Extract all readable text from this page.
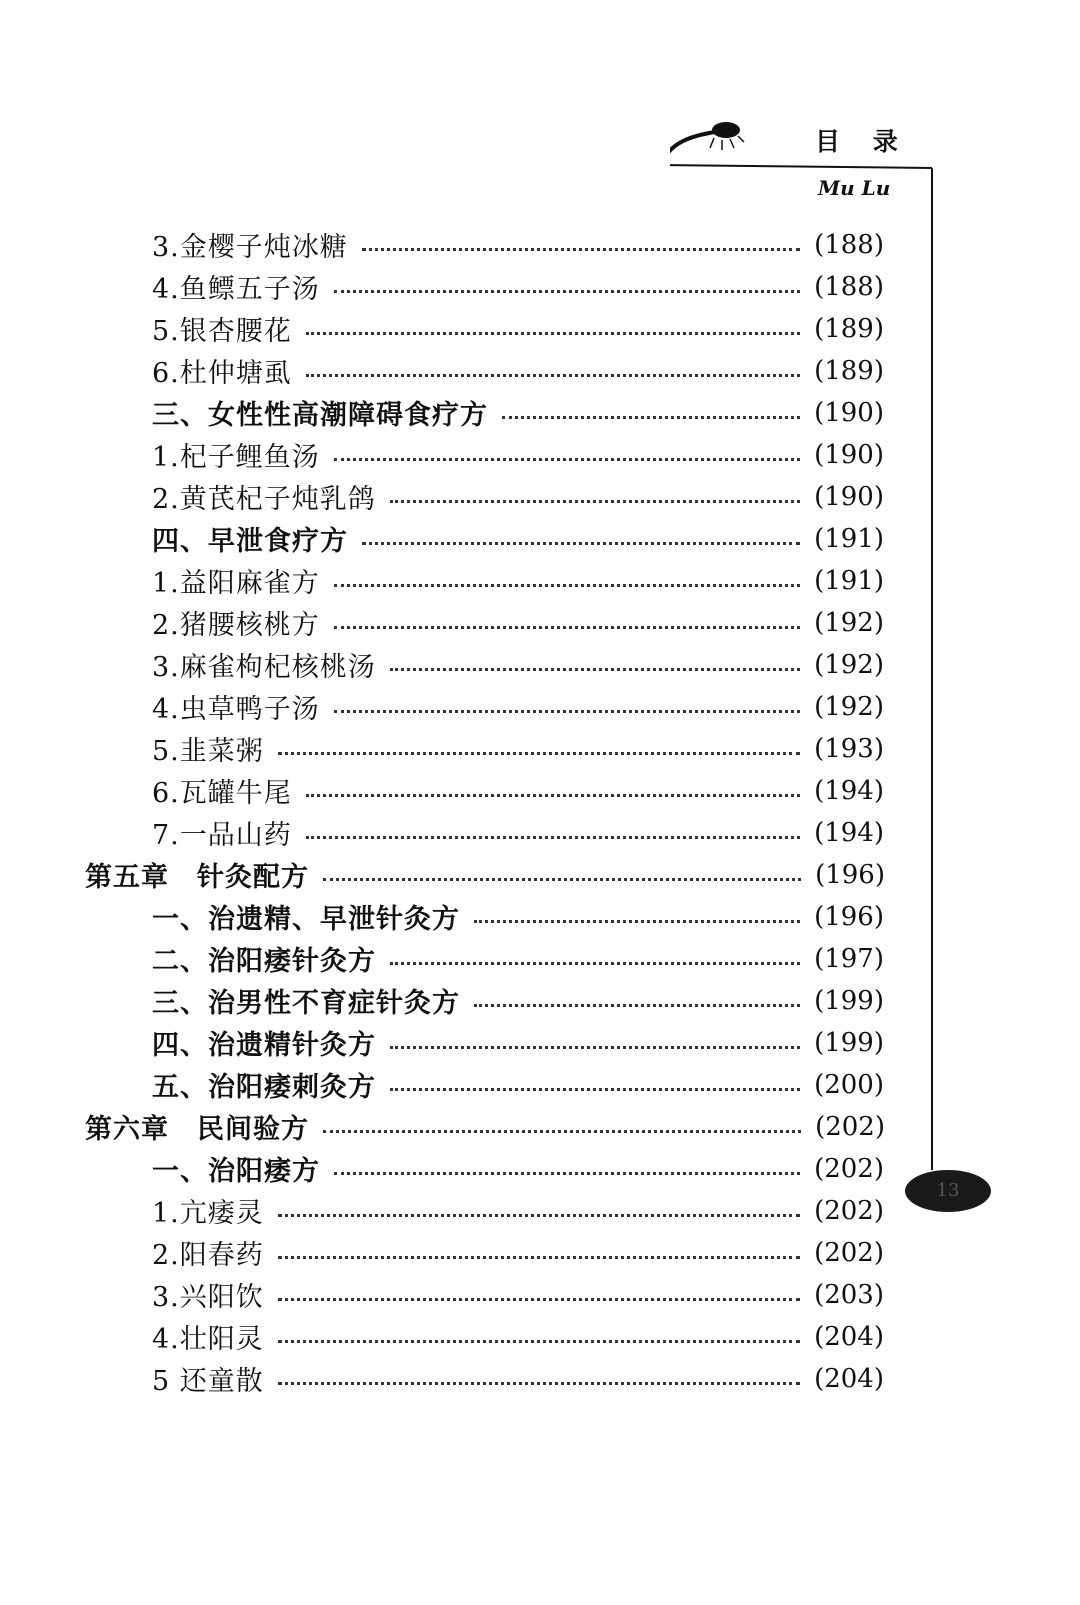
目 录
Mu Lu
13
3.金樱子炖冰糖	(188)
4.鱼鳔五子汤	(188)
5.银杏腰花	(189)
6.杜仲塘虱	(189)
三、女性性高潮障碍食疗方	(190)
1.杞子鲤鱼汤	(190)
2.黄芪杞子炖乳鸽	(190)
四、早泄食疗方	(191)
1.益阳麻雀方	(191)
2.猪腰核桃方	(192)
3.麻雀枸杞核桃汤	(192)
4.虫草鸭子汤	(192)
5.韭菜粥	(193)
6.瓦罐牛尾	(194)
7.一品山药	(194)
第五章　针灸配方	(196)
一、治遗精、早泄针灸方	(196)
二、治阳痿针灸方	(197)
三、治男性不育症针灸方	(199)
四、治遗精针灸方	(199)
五、治阳痿刺灸方	(200)
第六章　民间验方	(202)
一、治阳痿方	(202)
1.亢痿灵	(202)
2.阳春药	(202)
3.兴阳饮	(203)
4.壮阳灵	(204)
5 还童散	(204)
